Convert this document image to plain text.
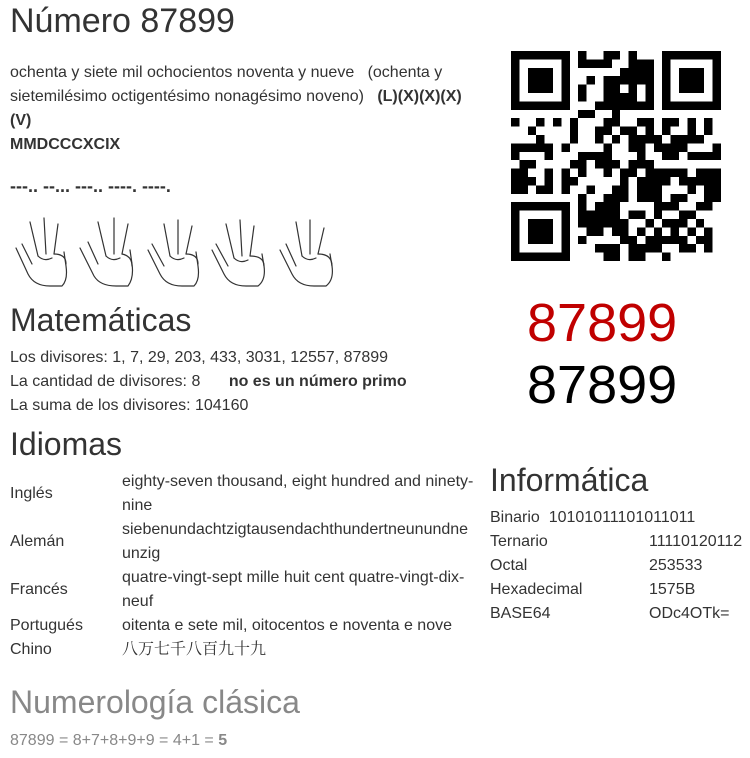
Número 87899
ochenta y siete mil ochocientos noventa y nueve (ochenta y sietemilésimo octigentésimo nonagésimo noveno) (L)(X)(X)(X)(V)
MMDCCCXCIX
---.. --... ---.. ----. ----.
Matemáticas
Los divisores: 1, 7, 29, 203, 433, 3031, 12557, 87899
La cantidad de divisores: 8 no es un número primo
La suma de los divisores: 104160
Idiomas
Inglés	eighty-seven thousand, eight hundred and ninety-nine
Alemán	siebenundachtzigtausendachthundertneunundneunzig
Francés	quatre-vingt-sept mille huit cent quatre-vingt-dix-neuf
Portugués	oitenta e sete mil, oitocentos e noventa e nove
Chino	八万七千八百九十九
Numerología clásica
87899 = 8+7+8+9+9 = 4+1 = 5
87899
87899
Informática
Binario 10101011101011011	
Ternario	11110120112
Octal	253533
Hexadecimal	1575B
BASE64	ODc4OTk=
